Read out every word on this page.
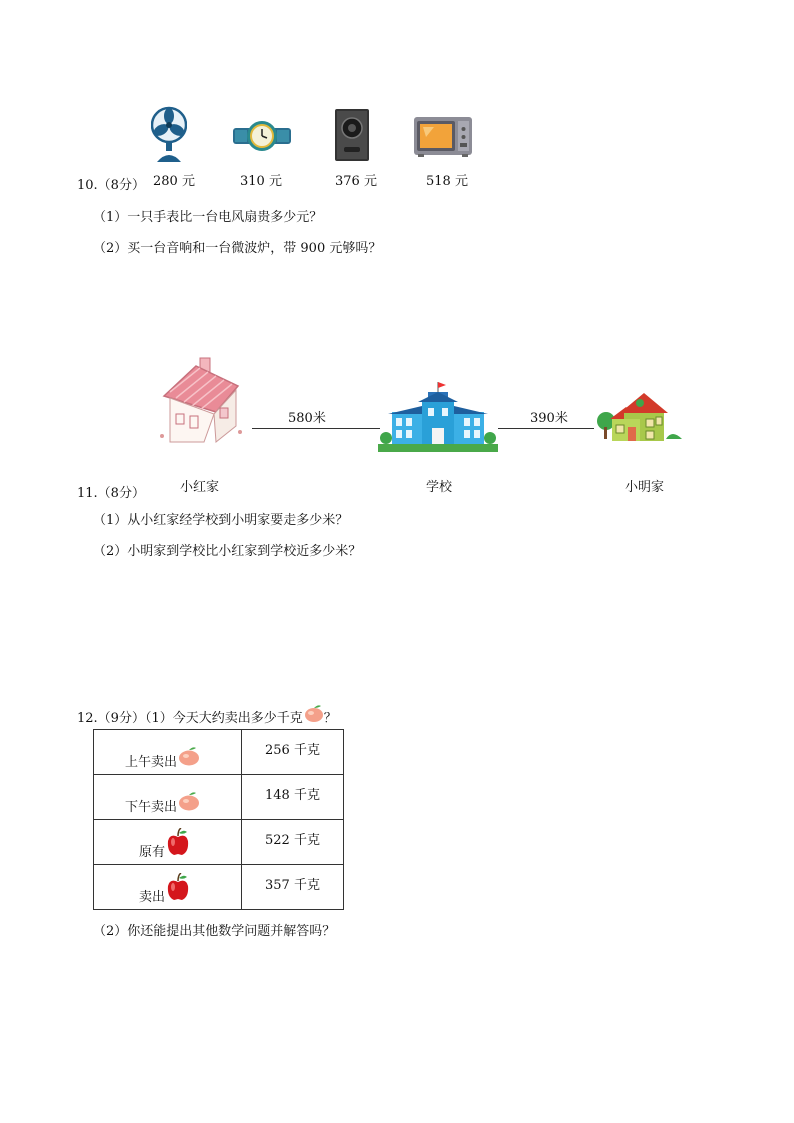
10.（8分） 280 元	310 元	376 元	518 元
（1）一只手表比一台电风扇贵多少元？
（2）买一台音响和一台微波炉，带 900 元够吗？
580米	390米
小红家	学校	小明家
11.（8分）
（1）从小红家经学校到小明家要走多少米？
（2）小明家到学校比小红家到学校近多少米？
12.（9分）（1）今天大约卖出多少千克 ？
上午卖出	256 千克
下午卖出	148 千克
原有	522 千克
卖出	357 千克
（2）你还能提出其他数学问题并解答吗？
